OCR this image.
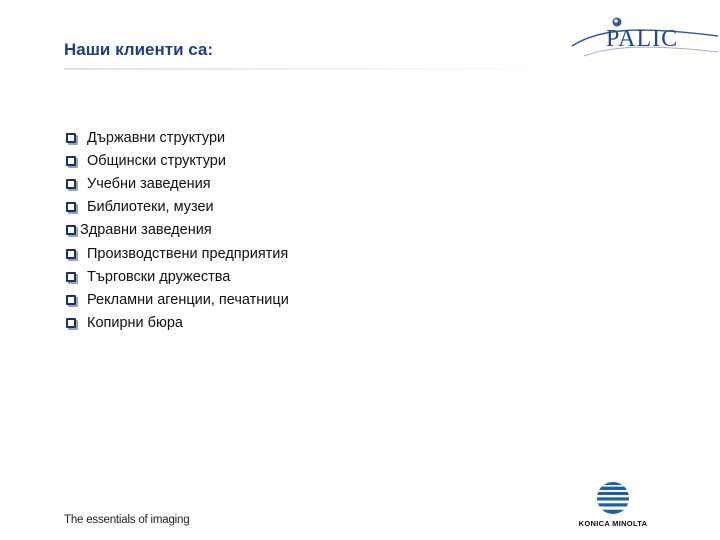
Наши клиенти са:	PALIC
Държавни структури
Общински структури
Учебни заведения
Библиотеки, музеи
Здравни заведения
Производствени предприятия
Търговски дружества
Рекламни агенции, печатници
Копирни бюра

The essentials of imaging	KONICA MINOLTA
